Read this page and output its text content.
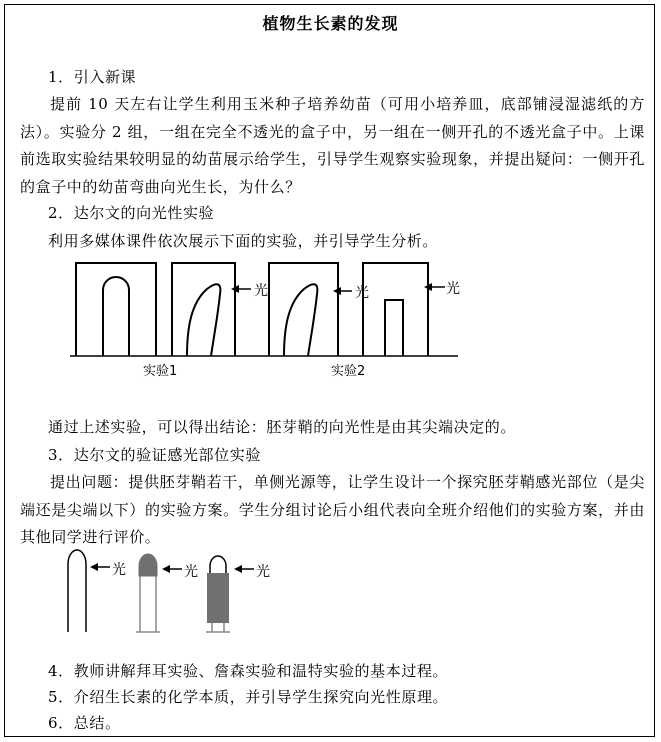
植物生长素的发现
1．引入新课
提前 10 天左右让学生利用玉米种子培养幼苗（可用小培养皿，底部铺浸湿滤纸的方法）。实验分 2 组，一组在完全不透光的盒子中，另一组在一侧开孔的不透光盒子中。上课前选取实验结果较明显的幼苗展示给学生，引导学生观察实验现象，并提出疑问：一侧开孔的盒子中的幼苗弯曲向光生长，为什么？
2．达尔文的向光性实验
利用多媒体课件依次展示下面的实验，并引导学生分析。
光	光	光
实验1	实验2
通过上述实验，可以得出结论：胚芽鞘的向光性是由其尖端决定的。
3．达尔文的验证感光部位实验
提出问题：提供胚芽鞘若干，单侧光源等，让学生设计一个探究胚芽鞘感光部位（是尖端还是尖端以下）的实验方案。学生分组讨论后小组代表向全班介绍他们的实验方案，并由其他同学进行评价。
光	光	光
4．教师讲解拜耳实验、詹森实验和温特实验的基本过程。
5．介绍生长素的化学本质，并引导学生探究向光性原理。
6．总结。
